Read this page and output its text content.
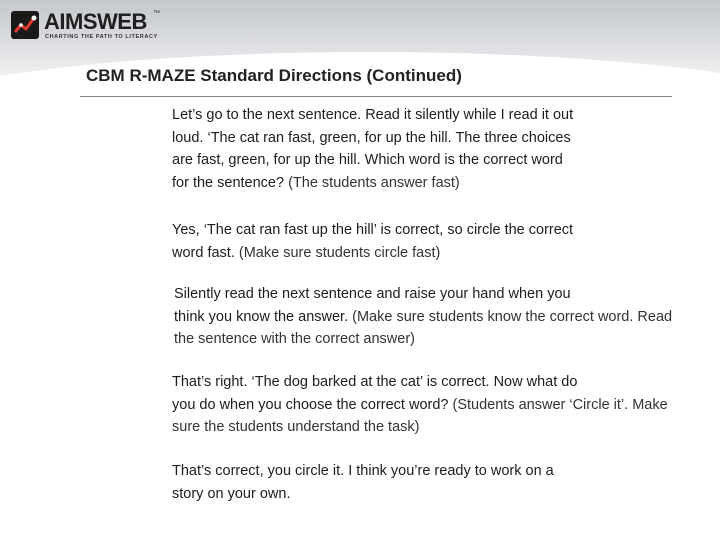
AIMSWEB ™
CHARTING THE PATH TO LITERACY
CBM R-MAZE Standard Directions (Continued)

Let’s go to the next sentence. Read it silently while I read it out
loud. ‘The cat ran fast, green, for up the hill. The three choices
are fast, green, for up the hill. Which word is the correct word
for the sentence? (The students answer fast)

Yes, ‘The cat ran fast up the hill’ is correct, so circle the correct
word fast. (Make sure students circle fast)

Silently read the next sentence and raise your hand when you
think you know the answer. (Make sure students know the correct word. Read the sentence with the correct answer)

That’s right. ‘The dog barked at the cat’ is correct. Now what do
you do when you choose the correct word? (Students answer ‘Circle it’. Make sure the students understand the task)

That’s correct, you circle it. I think you’re ready to work on a
story on your own.
